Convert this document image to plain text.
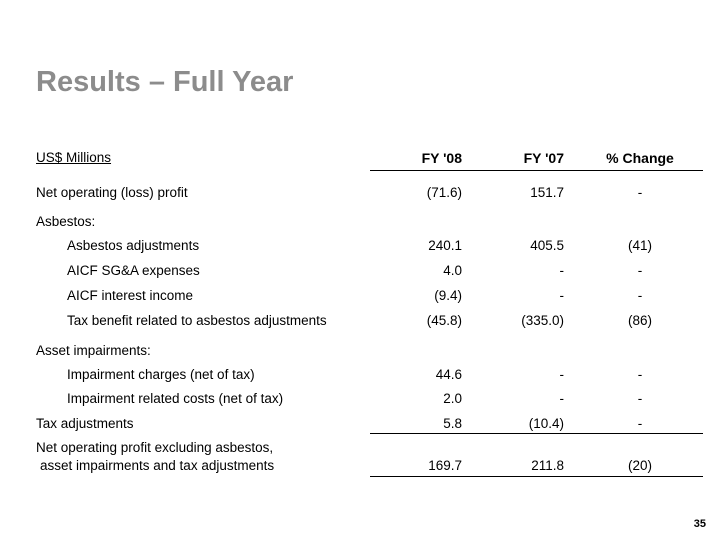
Results – Full Year
US$ Millions	FY '08	FY '07	% Change
Net operating (loss) profit	(71.6)	151.7	-
Asbestos:
Asbestos adjustments	240.1	405.5	(41)
AICF SG&A expenses	4.0	-	-
AICF interest income	(9.4)	-	-
Tax benefit related to asbestos adjustments	(45.8)	(335.0)	(86)
Asset impairments:
Impairment charges (net of tax)	44.6	-	-
Impairment related costs (net of tax)	2.0	-	-
Tax adjustments	5.8	(10.4)	-
Net operating profit excluding asbestos,
asset impairments and tax adjustments	169.7	211.8	(20)
35
